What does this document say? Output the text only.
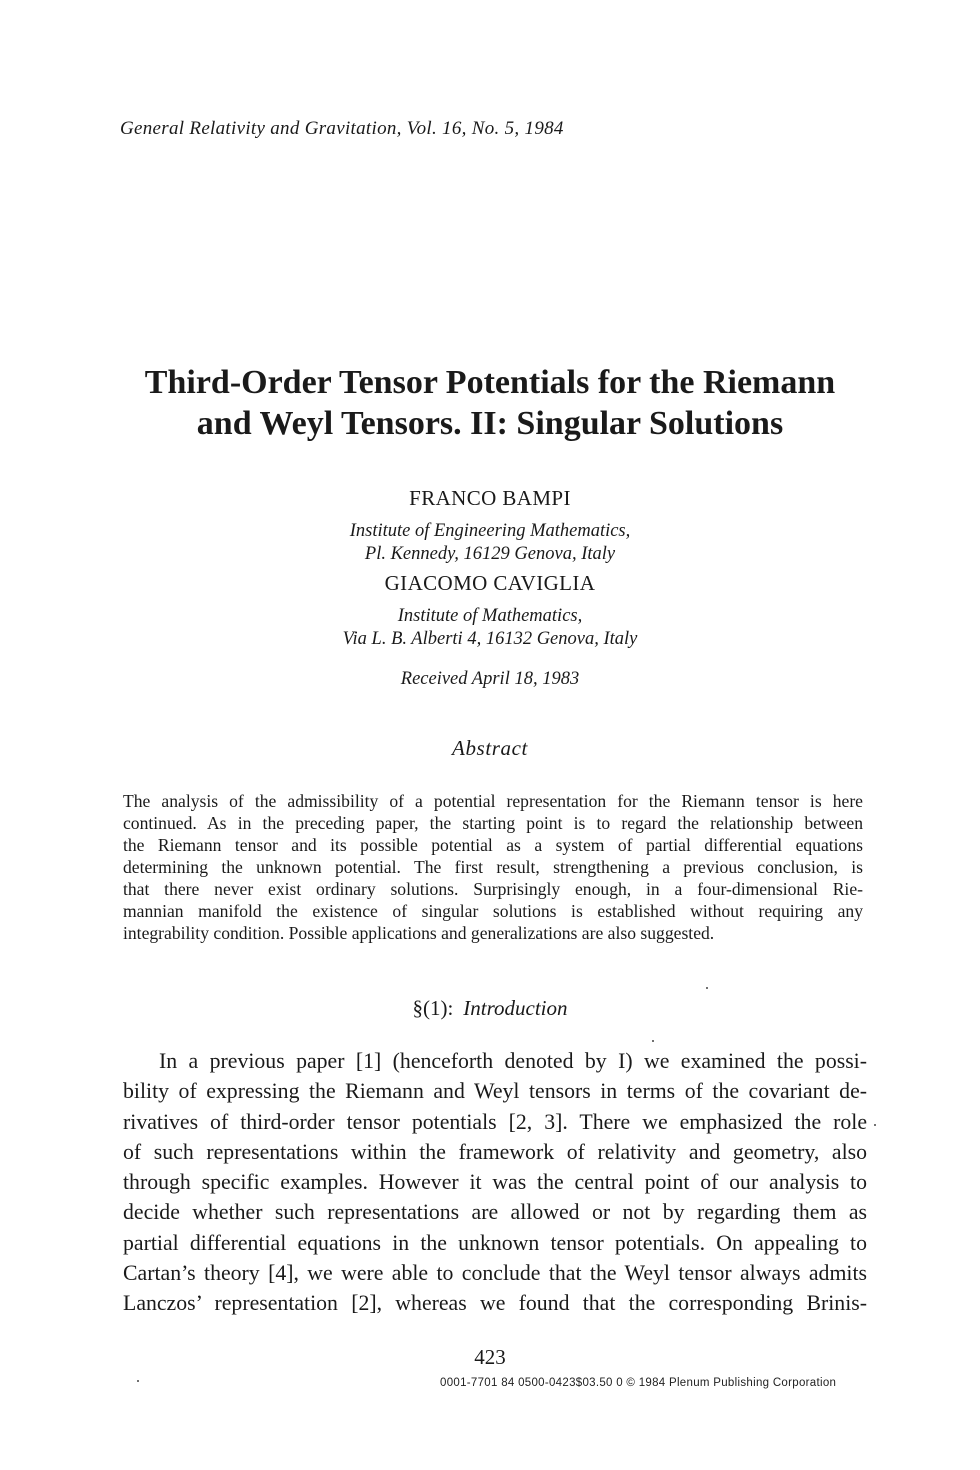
General Relativity and Gravitation, Vol. 16, No. 5, 1984
Third-Order Tensor Potentials for the Riemann
and Weyl Tensors. II: Singular Solutions
FRANCO BAMPI
Institute of Engineering Mathematics,
Pl. Kennedy, 16129 Genova, Italy
GIACOMO CAVIGLIA
Institute of Mathematics,
Via L. B. Alberti 4, 16132 Genova, Italy
Received April 18, 1983
Abstract
The analysis of the admissibility of a potential representation for the Riemann tensor is here
continued. As in the preceding paper, the starting point is to regard the relationship between
the Riemann tensor and its possible potential as a system of partial differential equations
determining the unknown potential. The first result, strengthening a previous conclusion, is
that there never exist ordinary solutions. Surprisingly enough, in a four-dimensional Rie-
mannian manifold the existence of singular solutions is established without requiring any
integrability condition. Possible applications and generalizations are also suggested.
§(1): Introduction
In a previous paper [1] (henceforth denoted by I) we examined the possi-
bility of expressing the Riemann and Weyl tensors in terms of the covariant de-
rivatives of third-order tensor potentials [2, 3]. There we emphasized the role
of such representations within the framework of relativity and geometry, also
through specific examples. However it was the central point of our analysis to
decide whether such representations are allowed or not by regarding them as
partial differential equations in the unknown tensor potentials. On appealing to
Cartan’s theory [4], we were able to conclude that the Weyl tensor always admits
Lanczos’ representation [2], whereas we found that the corresponding Brinis-
423
0001-7701 84 0500-0423$03.50 0 © 1984 Plenum Publishing Corporation
